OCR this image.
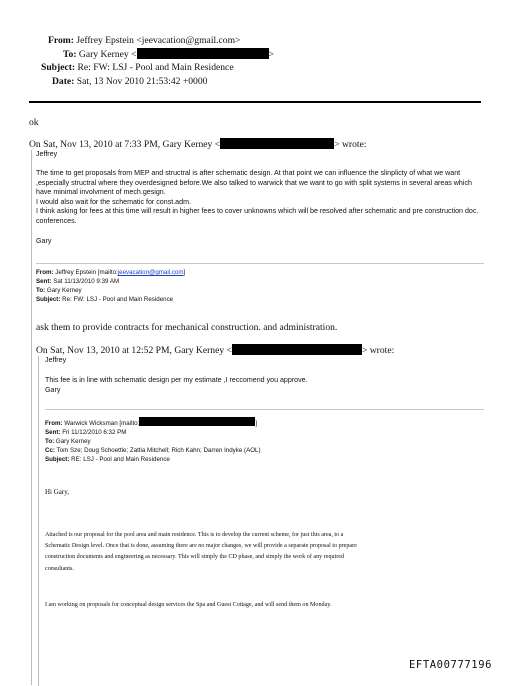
From: Jeffrey Epstein <jeevacation@gmail.com>
To: Gary Kerney <	>
Subject: Re: FW: LSJ - Pool and Main Residence
Date: Sat, 13 Nov 2010 21:53:42 +0000
ok
On Sat, Nov 13, 2010 at 7:33 PM, Gary Kerney <	> wrote:
Jeffrey
The time to get proposals from MEP and structral is after schematic design. At that point we can influence the slinplicty of what we want ,especially structral where they overdesigned before.We also talked to warwick that we want to go with split systems in several areas which have minimal involvment of mech.gesign.
I would also wait for the schematic for const.adm.
I think asking for fees at this time will result in higher fees to cover unknowns which will be resolved after schematic and pre construction doc. conferences.
Gary
From: Jeffrey Epstein [mailto:jeevacation@gmail.com]
Sent: Sat 11/13/2010 9:39 AM
To: Gary Kerney
Subject: Re: FW: LSJ - Pool and Main Residence
ask them to provide contracts for mechanical construction. and administration.
On Sat, Nov 13, 2010 at 12:52 PM, Gary Kerney <	> wrote:
Jeffrey
This fee is in line with schematic design per my estimate ,I reccomend you approve.
Gary
From: Warwick Wicksman [mailto:	]
Sent: Fri 11/12/2010 6:32 PM
To: Gary Kerney
Cc: Tom Sze; Doug Schoettle; Zattia Mitchell; Rich Kahn; Darren Indyke (AOL)
Subject: RE: LSJ - Pool and Main Residence
Hi Gary,
Attached is our proposal for the pool area and main residence. This is to develop the current scheme, for just this area, to a
Schematic Design level. Once that is done, assuming there are no major changes, we will provide a separate proposal to prepare
construction documents and engineering as necessary. This will simply the CD phase, and simply the work of any required
consultants.
I am working on proposals for conceptual design services the Spa and Guest Cottage, and will send them on Monday.
EFTA00777196
